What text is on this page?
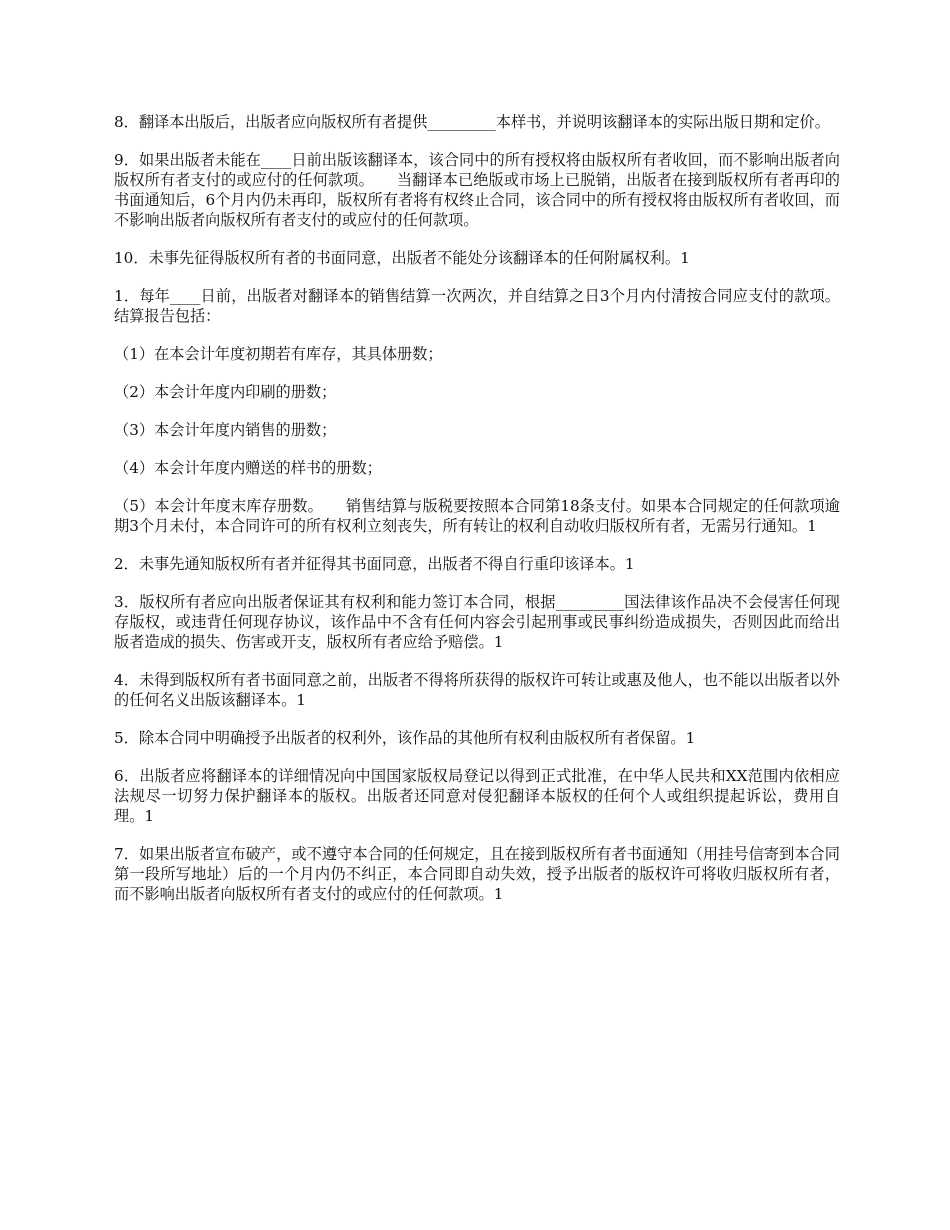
8．翻译本出版后，出版者应向版权所有者提供_________本样书，并说明该翻译本的实际出版日期和定价。

9．如果出版者未能在____日前出版该翻译本，该合同中的所有授权将由版权所有者收回，而不影响出版者向版权所有者支付的或应付的任何款项。　　当翻译本已绝版或市场上已脱销，出版者在接到版权所有者再印的书面通知后，6个月内仍未再印，版权所有者将有权终止合同，该合同中的所有授权将由版权所有者收回，而不影响出版者向版权所有者支付的或应付的任何款项。

10．未事先征得版权所有者的书面同意，出版者不能处分该翻译本的任何附属权利。1

1．每年____日前，出版者对翻译本的销售结算一次两次，并自结算之日3个月内付清按合同应支付的款项。结算报告包括：

（1）在本会计年度初期若有库存，其具体册数；

（2）本会计年度内印刷的册数；

（3）本会计年度内销售的册数；

（4）本会计年度内赠送的样书的册数；

（5）本会计年度末库存册数。　　销售结算与版税要按照本合同第18条支付。如果本合同规定的任何款项逾期3个月未付，本合同许可的所有权利立刻丧失，所有转让的权利自动收归版权所有者，无需另行通知。1

2．未事先通知版权所有者并征得其书面同意，出版者不得自行重印该译本。1

3．版权所有者应向出版者保证其有权利和能力签订本合同，根据_________国法律该作品决不会侵害任何现存版权，或违背任何现存协议，该作品中不含有任何内容会引起刑事或民事纠纷造成损失，否则因此而给出版者造成的损失、伤害或开支，版权所有者应给予赔偿。1

4．未得到版权所有者书面同意之前，出版者不得将所获得的版权许可转让或惠及他人，也不能以出版者以外的任何名义出版该翻译本。1

5．除本合同中明确授予出版者的权利外，该作品的其他所有权利由版权所有者保留。1

6．出版者应将翻译本的详细情况向中国国家版权局登记以得到正式批准，在中华人民共和XX范围内依相应法规尽一切努力保护翻译本的版权。出版者还同意对侵犯翻译本版权的任何个人或组织提起诉讼，费用自理。1

7．如果出版者宣布破产，或不遵守本合同的任何规定，且在接到版权所有者书面通知（用挂号信寄到本合同第一段所写地址）后的一个月内仍不纠正，本合同即自动失效，授予出版者的版权许可将收归版权所有者，而不影响出版者向版权所有者支付的或应付的任何款项。1
